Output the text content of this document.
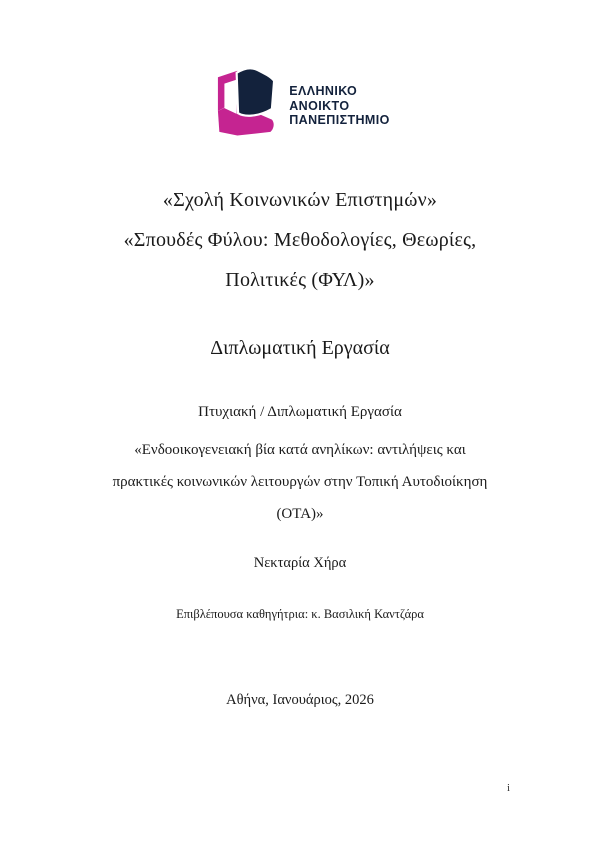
ΕΛΛΗΝΙΚΟ
ΑΝΟΙΚΤΟ
ΠΑΝΕΠΙΣΤΗΜΙΟ
«Σχολή Κοινωνικών Επιστημών»
«Σπουδές Φύλου: Μεθοδολογίες, Θεωρίες,
Πολιτικές (ΦΥΛ)»
Διπλωματική Εργασία
Πτυχιακή / Διπλωματική Εργασία
«Ενδοοικογενειακή βία κατά ανηλίκων: αντιλήψεις και
πρακτικές κοινωνικών λειτουργών στην Τοπική Αυτοδιοίκηση
(ΟΤΑ)»
Νεκταρία Χήρα
Επιβλέπουσα καθηγήτρια: κ. Βασιλική Καντζάρα
Αθήνα, Ιανουάριος, 2026
i
